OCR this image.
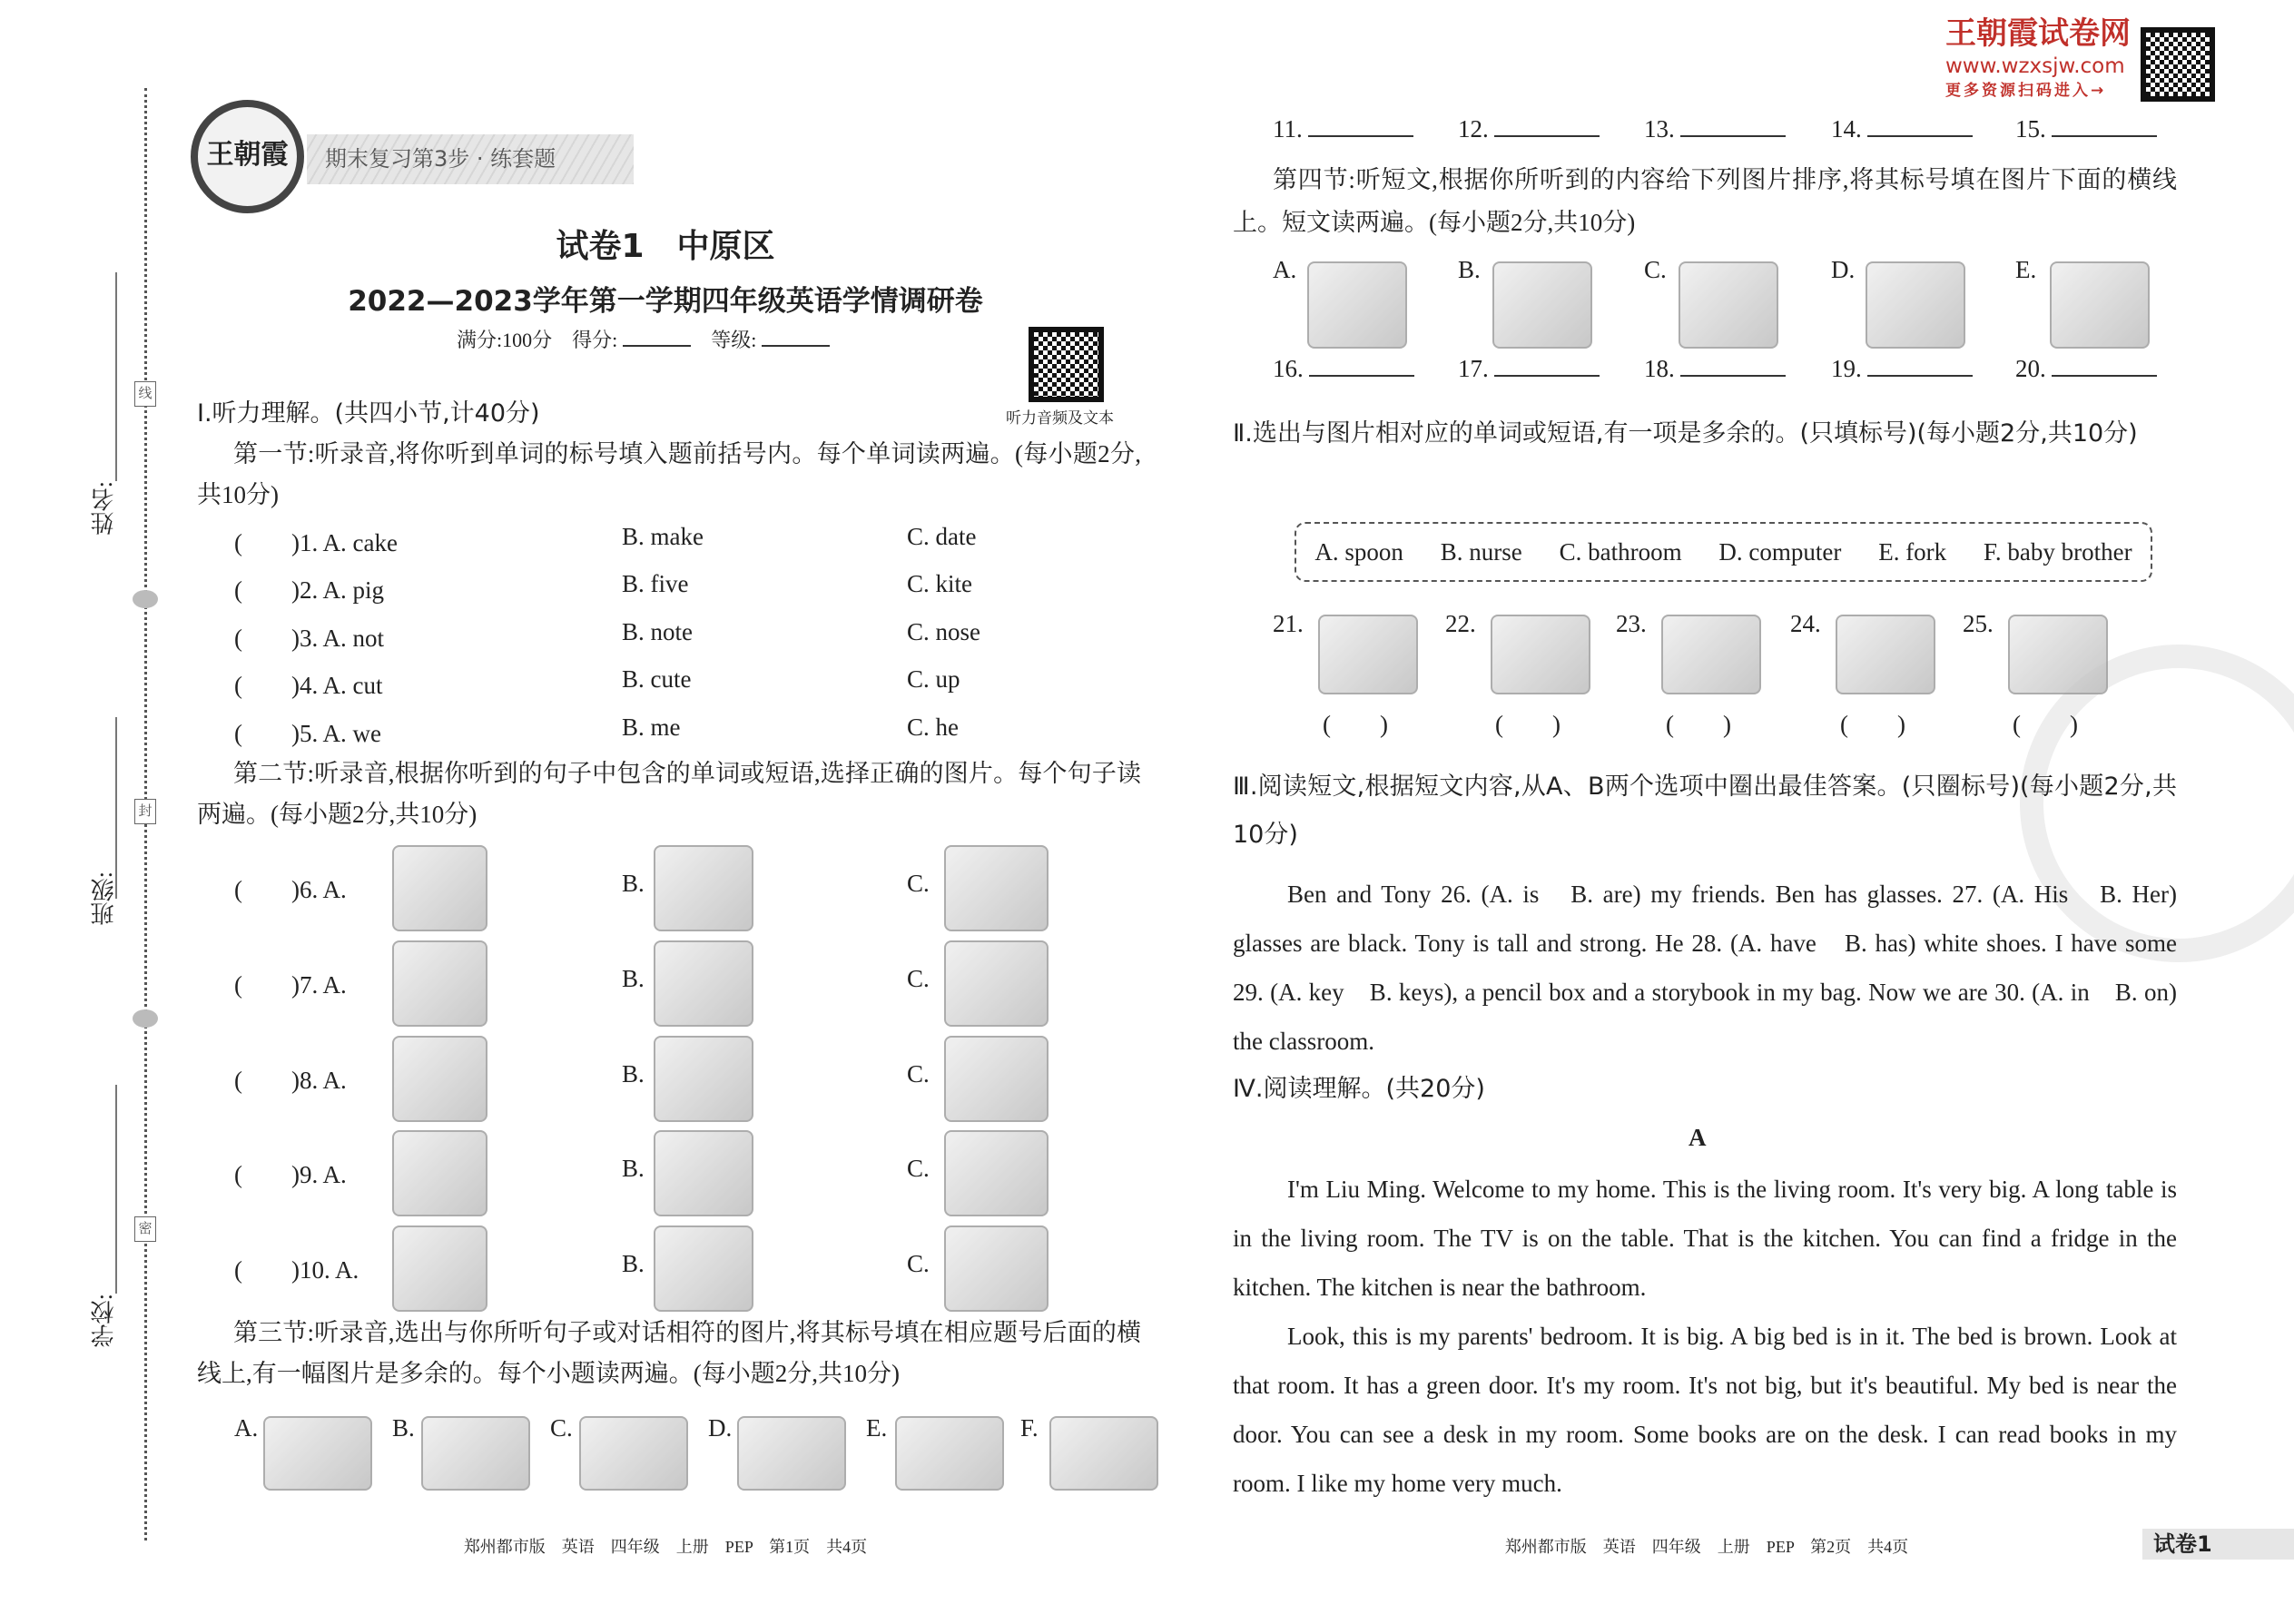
线
封
密
姓名:
班级:
学校:
王朝霞	期末复习第3步 · 练套题
试卷1　中原区
2022—2023学年第一学期四年级英语学情调研卷
满分:100分　 得分:　	等级:
听力音频及文本
Ⅰ.听力理解。(共四小节,计40分)
第一节:听录音,将你听到单词的标号填入题前括号内。每个单词读两遍。(每小题2分,共10分)
第二节:听录音,根据你听到的句子中包含的单词或短语,选择正确的图片。每个句子读两遍。(每小题2分,共10分)
第三节:听录音,选出与你所听句子或对话相符的图片,将其标号填在相应题号后面的横线上,有一幅图片是多余的。每个小题读两遍。(每小题2分,共10分)
王朝霞试卷网
www.wzxsjw.com
更多资源扫码进入→
第四节:听短文,根据你所听到的内容给下列图片排序,将其标号填在图片下面的横线上。短文读两遍。(每小题2分,共10分)
Ⅱ.选出与图片相对应的单词或短语,有一项是多余的。(只填标号)(每小题2分,共10分)
A. spoon B. nurse C. bathroom D. computer E. fork F. baby brother
Ⅲ.阅读短文,根据短文内容,从A、B两个选项中圈出最佳答案。(只圈标号)(每小题2分,共10分)
Ben and Tony 26. (A. is　B. are) my friends. Ben has glasses. 27. (A. His　B. Her) glasses are black. Tony is tall and strong. He 28. (A. have　B. has) white shoes. I have some 29. (A. key　B. keys), a pencil box and a storybook in my bag. Now we are 30. (A. in　B. on) the classroom.
Ⅳ.阅读理解。(共20分)
A

I'm Liu Ming. Welcome to my home. This is the living room. It's very big. A long table is in the living room. The TV is on the table. That is the kitchen. You can find a fridge in the kitchen. The kitchen is near the bathroom.

Look, this is my parents' bedroom. It is big. A big bed is in it. The bed is brown. Look at that room. It has a green door. It's my room. It's not big, but it's beautiful. My bed is near the door. You can see a desk in my room. Some books are on the desk. I can read books in my room. I like my home very much.

郑州都市版　英语　四年级　上册　PEP　第1页　共4页	郑州都市版　英语　四年级　上册　PEP　第2页　共4页	试卷1
(　　)1. A. cake	B. make	C. date
(　　)2. A. pig	B. five	C. kite
(　　)3. A. not	B. note	C. nose
(　　)4. A. cut	B. cute	C. up
(　　)5. A. we	B. me	C. he
(　　)6. A.	B.	C.
(　　)7. A.	B.	C.
(　　)8. A.	B.	C.
(　　)9. A.	B.	C.
(　　)10. A.	B.	C.
A.	B.	C.	D.	E.	F.
11.	12.	13.	14.	15.
A.	B.	C.	D.	E.
16.	17.	18.	19.	20.
21.
(　　)
22.
(　　)
23.
(　　)
24.
(　　)
25.
(　　)
